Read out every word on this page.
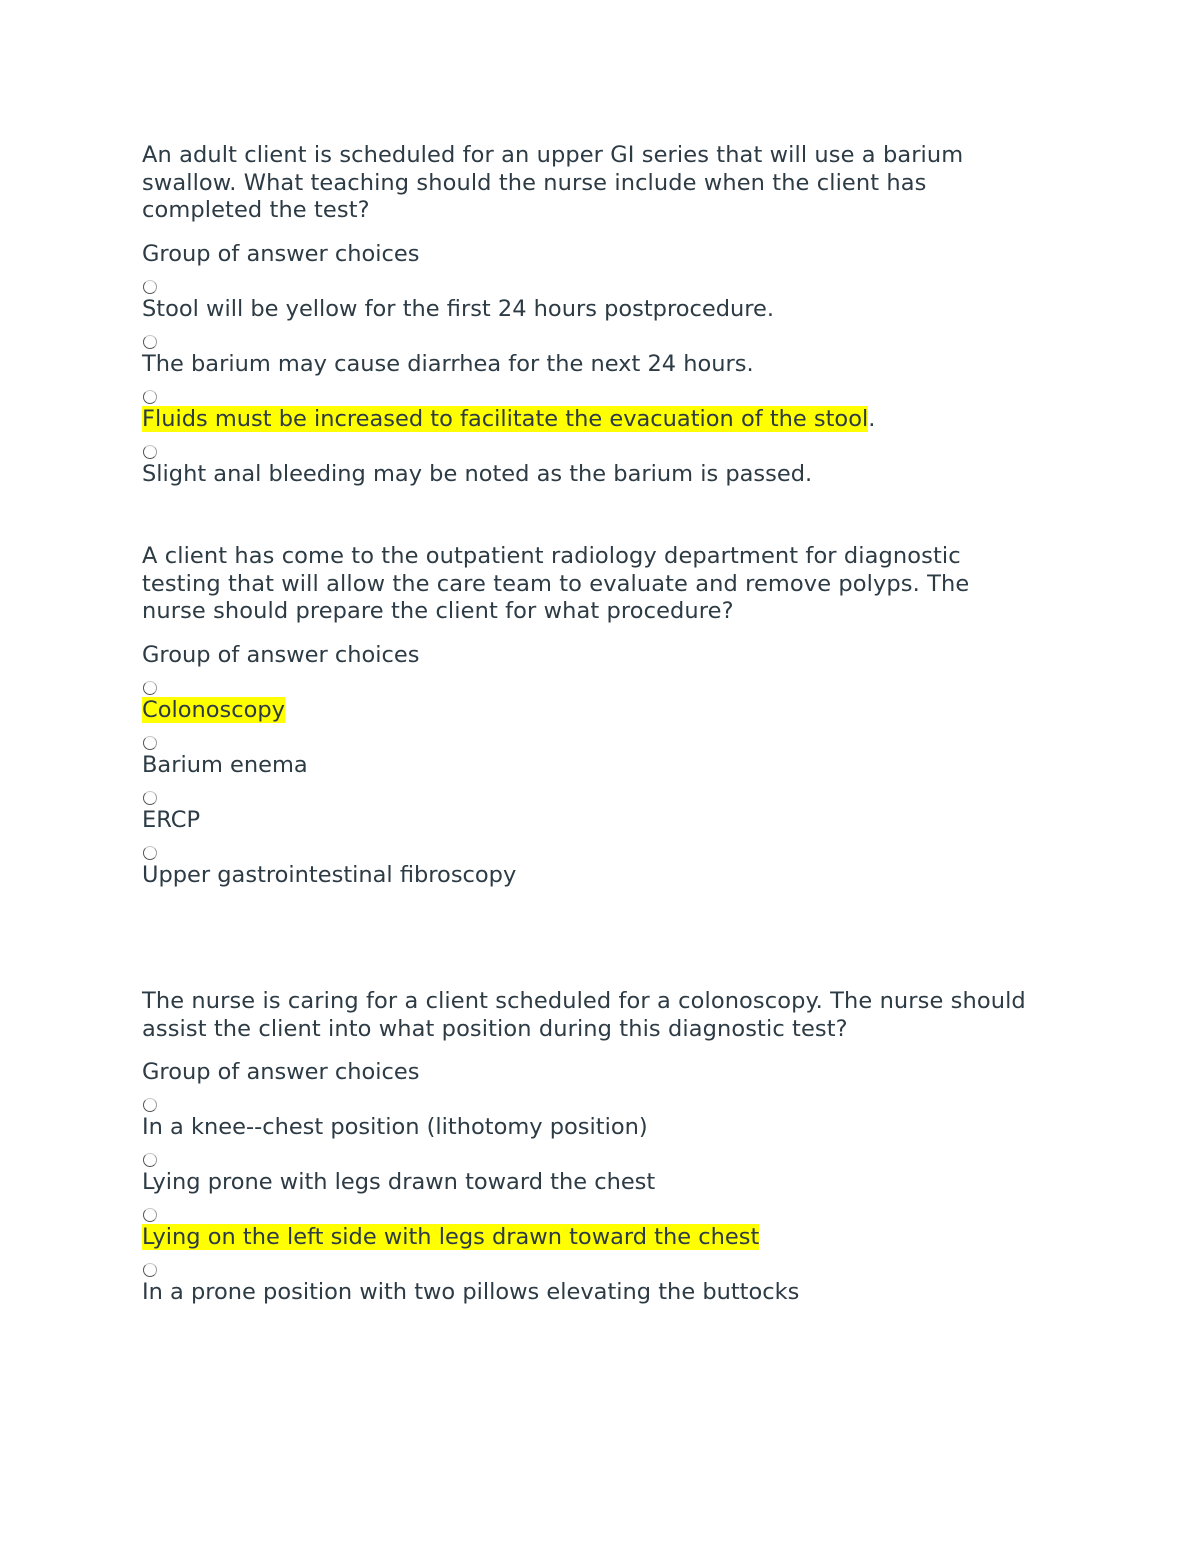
An adult client is scheduled for an upper GI series that will use a barium
swallow. What teaching should the nurse include when the client has
completed the test?

Group of answer choices

Stool will be yellow for the first 24 hours postprocedure.
The barium may cause diarrhea for the next 24 hours.
Fluids must be increased to facilitate the evacuation of the stool.
Slight anal bleeding may be noted as the barium is passed.

A client has come to the outpatient radiology department for diagnostic
testing that will allow the care team to evaluate and remove polyps. The
nurse should prepare the client for what procedure?

Group of answer choices

Colonoscopy
Barium enema
ERCP
Upper gastrointestinal fibroscopy

The nurse is caring for a client scheduled for a colonoscopy. The nurse should
assist the client into what position during this diagnostic test?

Group of answer choices

In a knee--chest position (lithotomy position)
Lying prone with legs drawn toward the chest
Lying on the left side with legs drawn toward the chest
In a prone position with two pillows elevating the buttocks
